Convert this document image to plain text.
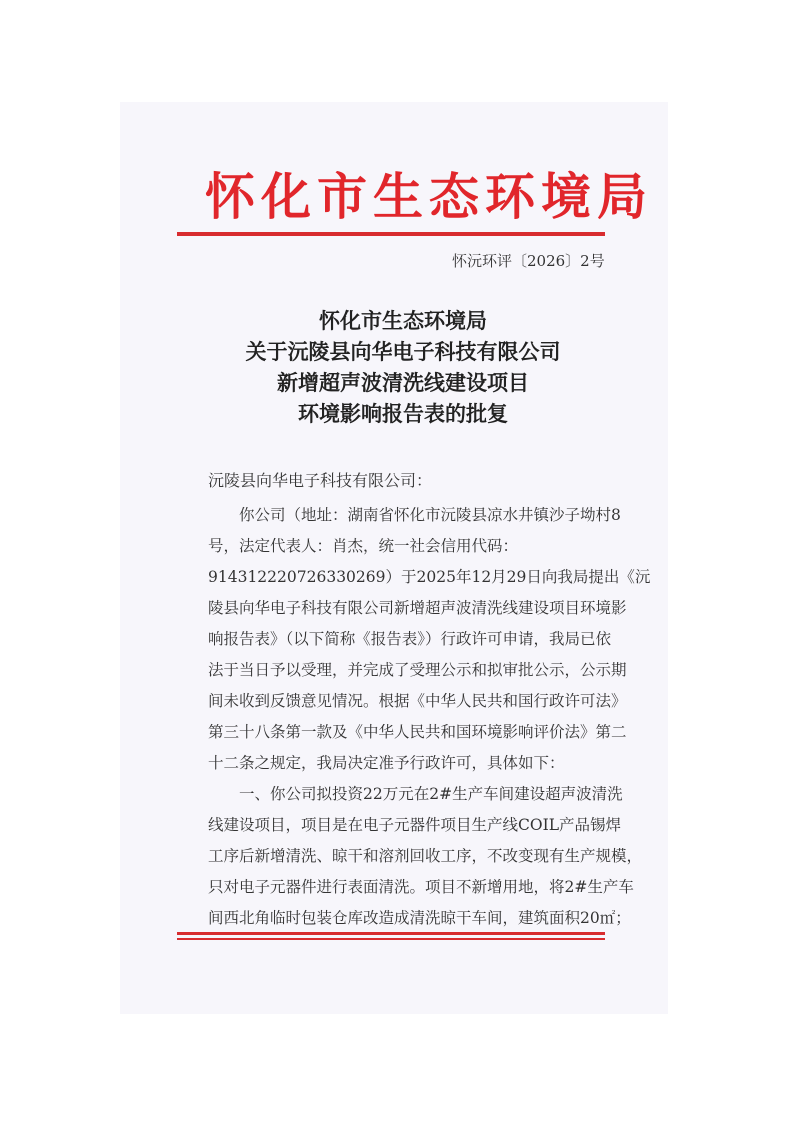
怀化市生态环境局
怀沅环评〔2026〕2号
怀化市生态环境局
关于沅陵县向华电子科技有限公司
新增超声波清洗线建设项目
环境影响报告表的批复
沅陵县向华电子科技有限公司：
你公司（地址：湖南省怀化市沅陵县凉水井镇沙子坳村8
号，法定代表人：肖杰，统一社会信用代码：
91431222072633026​9）于2025年12月29日向我局提出《沅
陵县向华电子科技有限公司新增超声波清洗线建设项目环境影
响报告表》（以下简称《报告表》）行政许可申请，我局已依
法于当日予以受理，并完成了受理公示和拟审批公示，公示期
间未收到反馈意见情况。根据《中华人民共和国行政许可法》
第三十八条第一款及《中华人民共和国环境影响评价法》第二
十二条之规定，我局决定准予行政许可，具体如下：
一、你公司拟投资22万元在2#生产车间建设超声波清洗
线建设项目，项目是在电子元器件项目生产线COIL产品锡焊
工序后新增清洗、晾干和溶剂回收工序，不改变现有生产规模，
只对电子元器件进行表面清洗。项目不新增用地，将2#生产车
间西北角临时包装仓库改造成清洗晾干车间，建筑面积20㎡；
